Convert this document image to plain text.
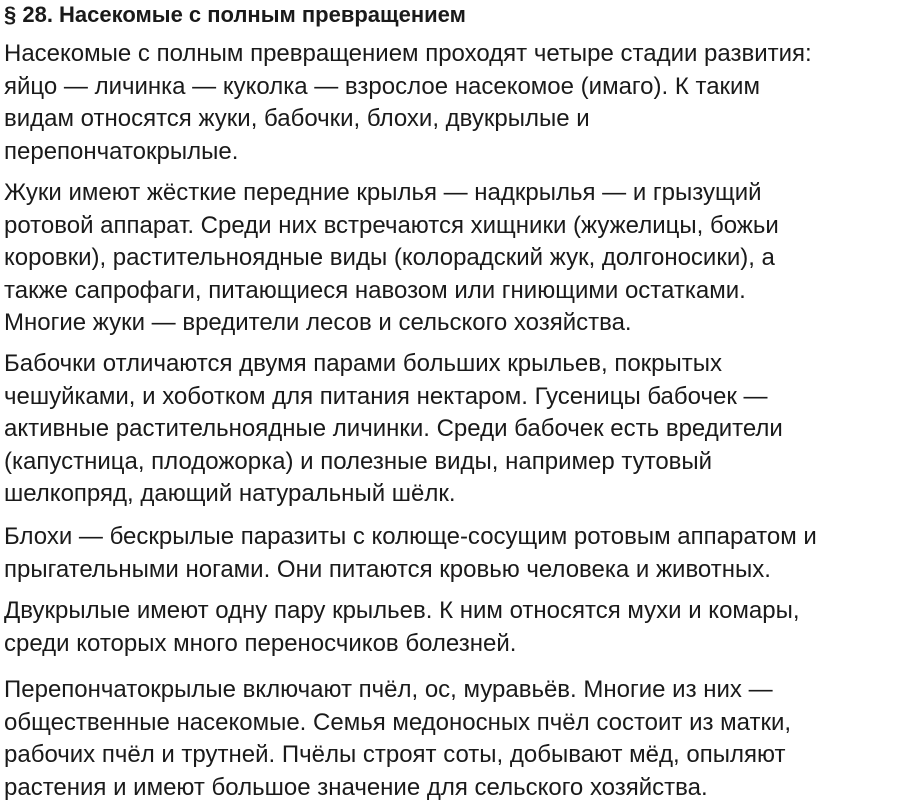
§ 28. Насекомые с полным превращением

Насекомые с полным превращением проходят четыре стадии развития:
яйцо — личинка — куколка — взрослое насекомое (имаго). К таким
видам относятся жуки, бабочки, блохи, двукрылые и
перепончатокрылые.

Жуки имеют жёсткие передние крылья — надкрылья — и грызущий
ротовой аппарат. Среди них встречаются хищники (жужелицы, божьи
коровки), растительноядные виды (колорадский жук, долгоносики), а
также сапрофаги, питающиеся навозом или гниющими остатками.
Многие жуки — вредители лесов и сельского хозяйства.

Бабочки отличаются двумя парами больших крыльев, покрытых
чешуйками, и хоботком для питания нектаром. Гусеницы бабочек —
активные растительноядные личинки. Среди бабочек есть вредители
(капустница, плодожорка) и полезные виды, например тутовый
шелкопряд, дающий натуральный шёлк.

Блохи — бескрылые паразиты с колюще-сосущим ротовым аппаратом и
прыгательными ногами. Они питаются кровью человека и животных.

Двукрылые имеют одну пару крыльев. К ним относятся мухи и комары,
среди которых много переносчиков болезней.

Перепончатокрылые включают пчёл, ос, муравьёв. Многие из них —
общественные насекомые. Семья медоносных пчёл состоит из матки,
рабочих пчёл и трутней. Пчёлы строят соты, добывают мёд, опыляют
растения и имеют большое значение для сельского хозяйства.
